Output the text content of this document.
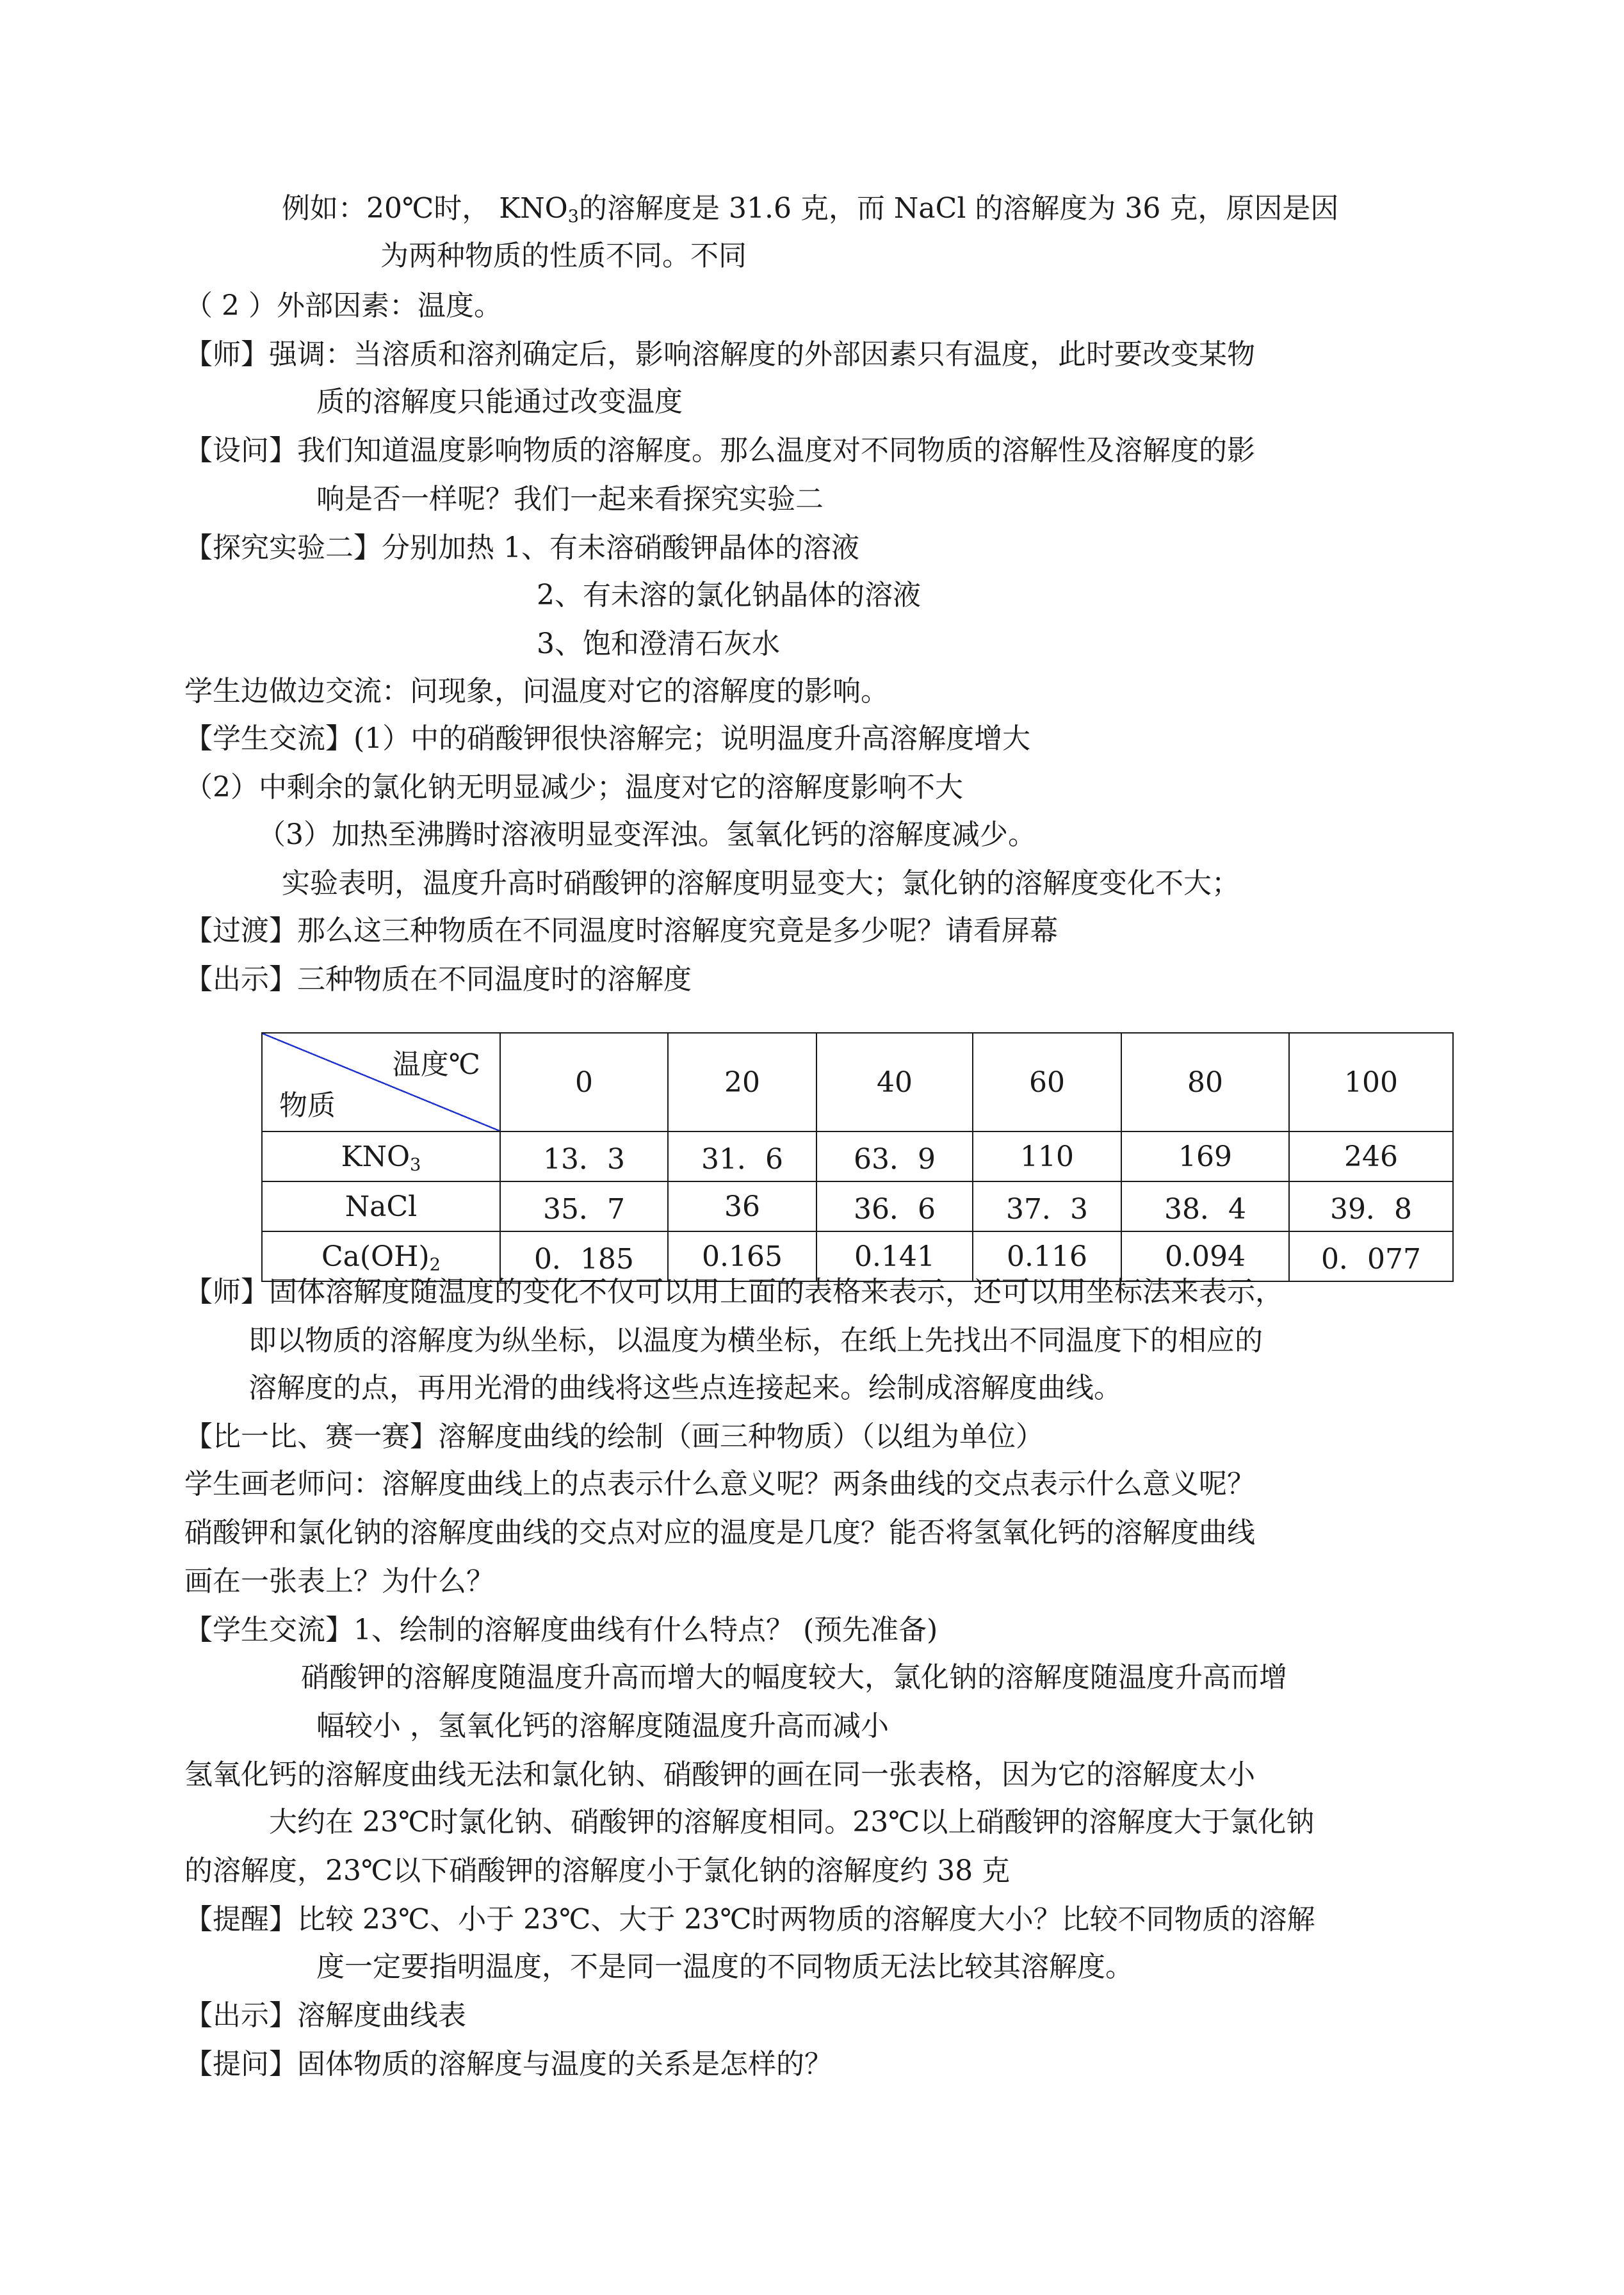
例如：20℃时， $KNO_3$的溶解度是 31.6 克，而 NaCl 的溶解度为 36 克，原因是因
为两种物质的性质不同。不同
（ 2 ）外部因素：温度。
【师】强调：当溶质和溶剂确定后，影响溶解度的外部因素只有温度，此时要改变某物
质的溶解度只能通过改变温度
【设问】我们知道温度影响物质的溶解度。那么温度对不同物质的溶解性及溶解度的影
响是否一样呢？我们一起来看探究实验二
【探究实验二】分别加热 1、有未溶硝酸钾晶体的溶液
2、有未溶的氯化钠晶体的溶液
3、饱和澄清石灰水
学生边做边交流：问现象，问温度对它的溶解度的影响。
【学生交流】(1）中的硝酸钾很快溶解完；说明温度升高溶解度增大
（2）中剩余的氯化钠无明显减少；温度对它的溶解度影响不大
（3）加热至沸腾时溶液明显变浑浊。氢氧化钙的溶解度减少。
实验表明，温度升高时硝酸钾的溶解度明显变大；氯化钠的溶解度变化不大；
【过渡】那么这三种物质在不同温度时溶解度究竟是多少呢？请看屏幕
【出示】三种物质在不同温度时的溶解度
温度℃
物质	0	20	40	60	80	100
$KNO_3$	13．3	31．6	63．9	110	169	246
NaCl	35．7	36	36．6	37．3	38．4	39．8
$Ca(OH)_2$	0．185	0.165	0.141	0.116	0.094	0．077
【师】固体溶解度随温度的变化不仅可以用上面的表格来表示，还可以用坐标法来表示，
即以物质的溶解度为纵坐标，以温度为横坐标，在纸上先找出不同温度下的相应的
溶解度的点，再用光滑的曲线将这些点连接起来。绘制成溶解度曲线。
【比一比、赛一赛】溶解度曲线的绘制（画三种物质）（以组为单位）
学生画老师问：溶解度曲线上的点表示什么意义呢？两条曲线的交点表示什么意义呢？
硝酸钾和氯化钠的溶解度曲线的交点对应的温度是几度？能否将氢氧化钙的溶解度曲线
画在一张表上？为什么？
【学生交流】1、绘制的溶解度曲线有什么特点？ (预先准备)
硝酸钾的溶解度随温度升高而增大的幅度较大，氯化钠的溶解度随温度升高而增
幅较小 ，氢氧化钙的溶解度随温度升高而减小
氢氧化钙的溶解度曲线无法和氯化钠、硝酸钾的画在同一张表格，因为它的溶解度太小
大约在 23℃时氯化钠、硝酸钾的溶解度相同。23℃以上硝酸钾的溶解度大于氯化钠
的溶解度，23℃以下硝酸钾的溶解度小于氯化钠的溶解度约 38 克
【提醒】比较 23℃、小于 23℃、大于 23℃时两物质的溶解度大小？比较不同物质的溶解
度一定要指明温度，不是同一温度的不同物质无法比较其溶解度。
【出示】溶解度曲线表
【提问】固体物质的溶解度与温度的关系是怎样的？
